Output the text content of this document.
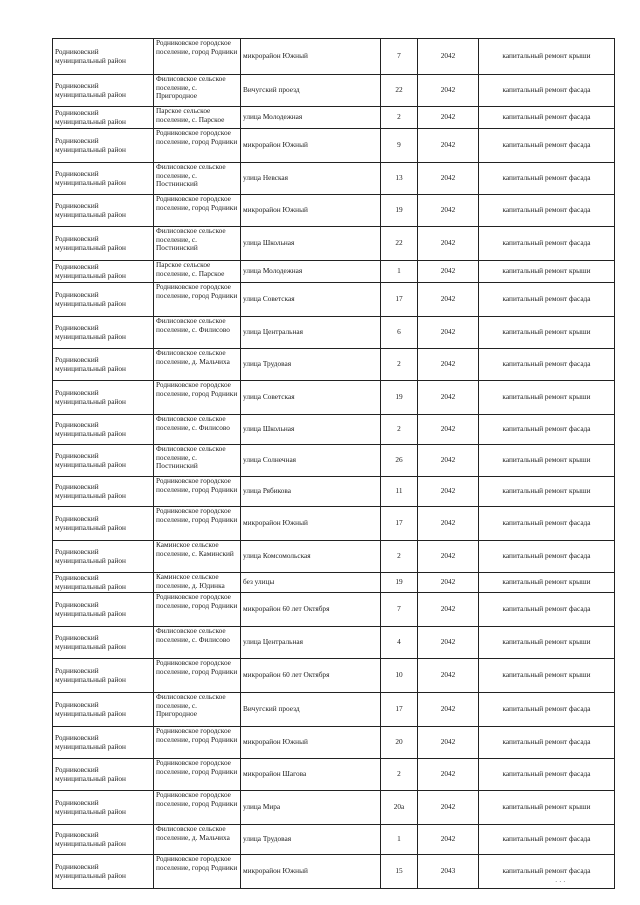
Родниковский муниципальный район	Родниковское городское поселение, город Родники	микрорайон Южный	7	2042	капитальный ремонт крыши
Родниковский муниципальный район	Филисовское сельское поселение, с. Пригородное	Вичугский проезд	22	2042	капитальный ремонт фасада
Родниковский муниципальный район	Парское сельское поселение, с. Парское	улица Молодежная	2	2042	капитальный ремонт фасада
Родниковский муниципальный район	Родниковское городское поселение, город Родники	микрорайон Южный	9	2042	капитальный ремонт фасада
Родниковский муниципальный район	Филисовское сельское поселение, с. Постнинский	улица Невская	13	2042	капитальный ремонт фасада
Родниковский муниципальный район	Родниковское городское поселение, город Родники	микрорайон Южный	19	2042	капитальный ремонт фасада
Родниковский муниципальный район	Филисовское сельское поселение, с. Постнинский	улица Школьная	22	2042	капитальный ремонт фасада
Родниковский муниципальный район	Парское сельское поселение, с. Парское	улица Молодежная	1	2042	капитальный ремонт крыши
Родниковский муниципальный район	Родниковское городское поселение, город Родники	улица Советская	17	2042	капитальный ремонт фасада
Родниковский муниципальный район	Филисовское сельское поселение, с. Филисово	улица Центральная	6	2042	капитальный ремонт крыши
Родниковский муниципальный район	Филисовское сельское поселение, д. Мальчиха	улица Трудовая	2	2042	капитальный ремонт фасада
Родниковский муниципальный район	Родниковское городское поселение, город Родники	улица Советская	19	2042	капитальный ремонт крыши
Родниковский муниципальный район	Филисовское сельское поселение, с. Филисово	улица Школьная	2	2042	капитальный ремонт фасада
Родниковский муниципальный район	Филисовское сельское поселение, с. Постнинский	улица Солнечная	26	2042	капитальный ремонт крыши
Родниковский муниципальный район	Родниковское городское поселение, город Родники	улица Рябикова	11	2042	капитальный ремонт крыши
Родниковский муниципальный район	Родниковское городское поселение, город Родники	микрорайон Южный	17	2042	капитальный ремонт фасада
Родниковский муниципальный район	Каминское сельское поселение, с. Каминский	улица Комсомольская	2	2042	капитальный ремонт фасада
Родниковский муниципальный район	Каминское сельское поселение, д. Юдинка	без улицы	19	2042	капитальный ремонт крыши
Родниковский муниципальный район	Родниковское городское поселение, город Родники	микрорайон 60 лет Октября	7	2042	капитальный ремонт фасада
Родниковский муниципальный район	Филисовское сельское поселение, с. Филисово	улица Центральная	4	2042	капитальный ремонт крыши
Родниковский муниципальный район	Родниковское городское поселение, город Родники	микрорайон 60 лет Октября	10	2042	капитальный ремонт крыши
Родниковский муниципальный район	Филисовское сельское поселение, с. Пригородное	Вичугский проезд	17	2042	капитальный ремонт фасада
Родниковский муниципальный район	Родниковское городское поселение, город Родники	микрорайон Южный	20	2042	капитальный ремонт фасада
Родниковский муниципальный район	Родниковское городское поселение, город Родники	микрорайон Шагова	2	2042	капитальный ремонт фасада
Родниковский муниципальный район	Родниковское городское поселение, город Родники	улица Мира	20а	2042	капитальный ремонт крыши
Родниковский муниципальный район	Филисовское сельское поселение, д. Мальчиха	улица Трудовая	1	2042	капитальный ремонт фасада
Родниковский муниципальный район	Родниковское городское поселение, город Родники	микрорайон Южный	15	2043	капитальный ремонт фасада
· · ·
